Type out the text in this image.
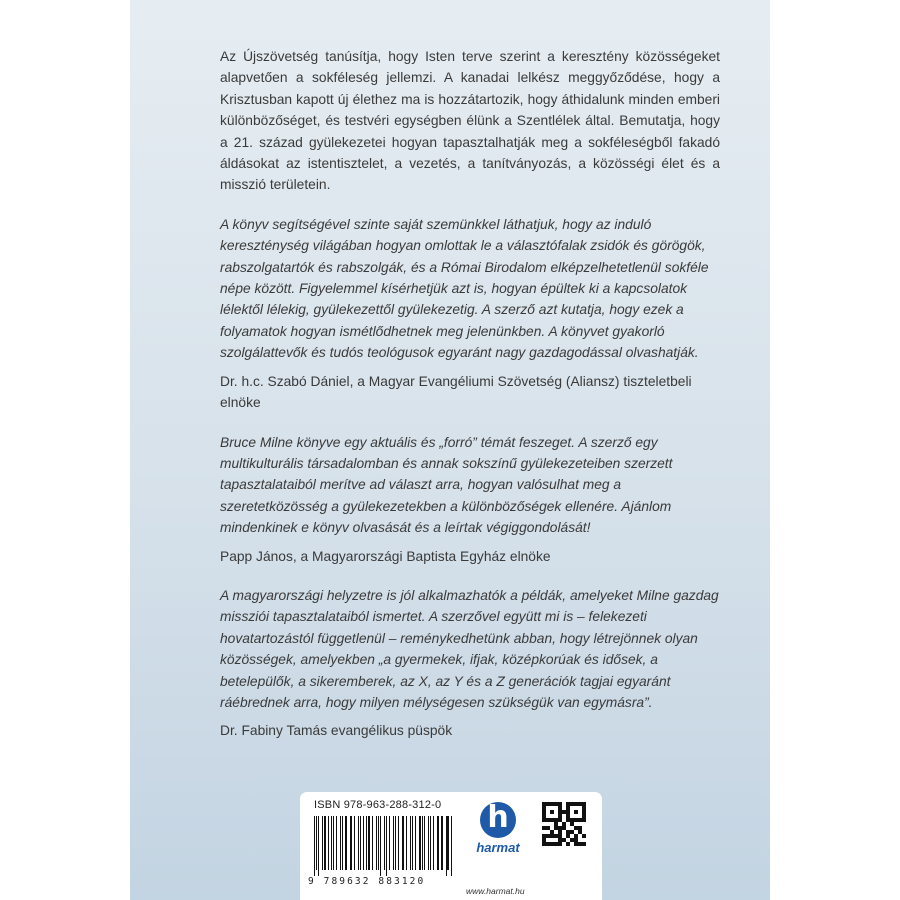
Az Újszövetség tanúsítja, hogy Isten terve szerint a keresztény közösségeket alapvetően a sokféleség jellemzi. A kanadai lelkész meggyőződése, hogy a Krisztusban kapott új élethez ma is hozzátartozik, hogy áthidalunk minden emberi különbözőséget, és testvéri egységben élünk a Szentlélek által. Bemutatja, hogy a 21. század gyülekezetei hogyan tapasztalhatják meg a sokféleségből fakadó áldásokat az istentisztelet, a vezetés, a tanítványozás, a közösségi élet és a misszió területein.

A könyv segítségével szinte saját szemünkkel láthatjuk, hogy az induló kereszténység világában hogyan omlottak le a választófalak zsidók és görögök, rabszolgatartók és rabszolgák, és a Római Birodalom elképzelhetetlenül sokféle népe között. Figyelemmel kísérhetjük azt is, hogyan épültek ki a kapcsolatok lélektől lélekig, gyülekezettől gyülekezetig. A szerző azt kutatja, hogy ezek a folyamatok hogyan ismétlődhetnek meg jelenünkben. A könyvet gyakorló szolgálattevők és tudós teológusok egyaránt nagy gazdagodással olvashatják.

Dr. h.c. Szabó Dániel, a Magyar Evangéliumi Szövetség (Aliansz) tiszteletbeli elnöke

Bruce Milne könyve egy aktuális és „forró” témát feszeget. A szerző egy multikulturális társadalomban és annak sokszínű gyülekezeteiben szerzett tapasztalataiból merítve ad választ arra, hogyan valósulhat meg a szeretetközösség a gyülekezetekben a különbözőségek ellenére. Ajánlom mindenkinek e könyv olvasását és a leírtak végiggondolását!

Papp János, a Magyarországi Baptista Egyház elnöke

A magyarországi helyzetre is jól alkalmazhatók a példák, amelyeket Milne gazdag missziói tapasztalataiból ismertet. A szerzővel együtt mi is – felekezeti hovatartozástól függetlenül – reménykedhetünk abban, hogy létrejönnek olyan közösségek, amelyekben „a gyermekek, ifjak, középkorúak és idősek, a betelepülők, a sikeremberek, az X, az Y és a Z generációk tagjai egyaránt ráébrednek arra, hogy milyen mélységesen szükségük van egymásra”.

Dr. Fabiny Tamás evangélikus püspök

ISBN 978-963-288-312-0
9 789632 883120
h
harmat
www.harmat.hu
